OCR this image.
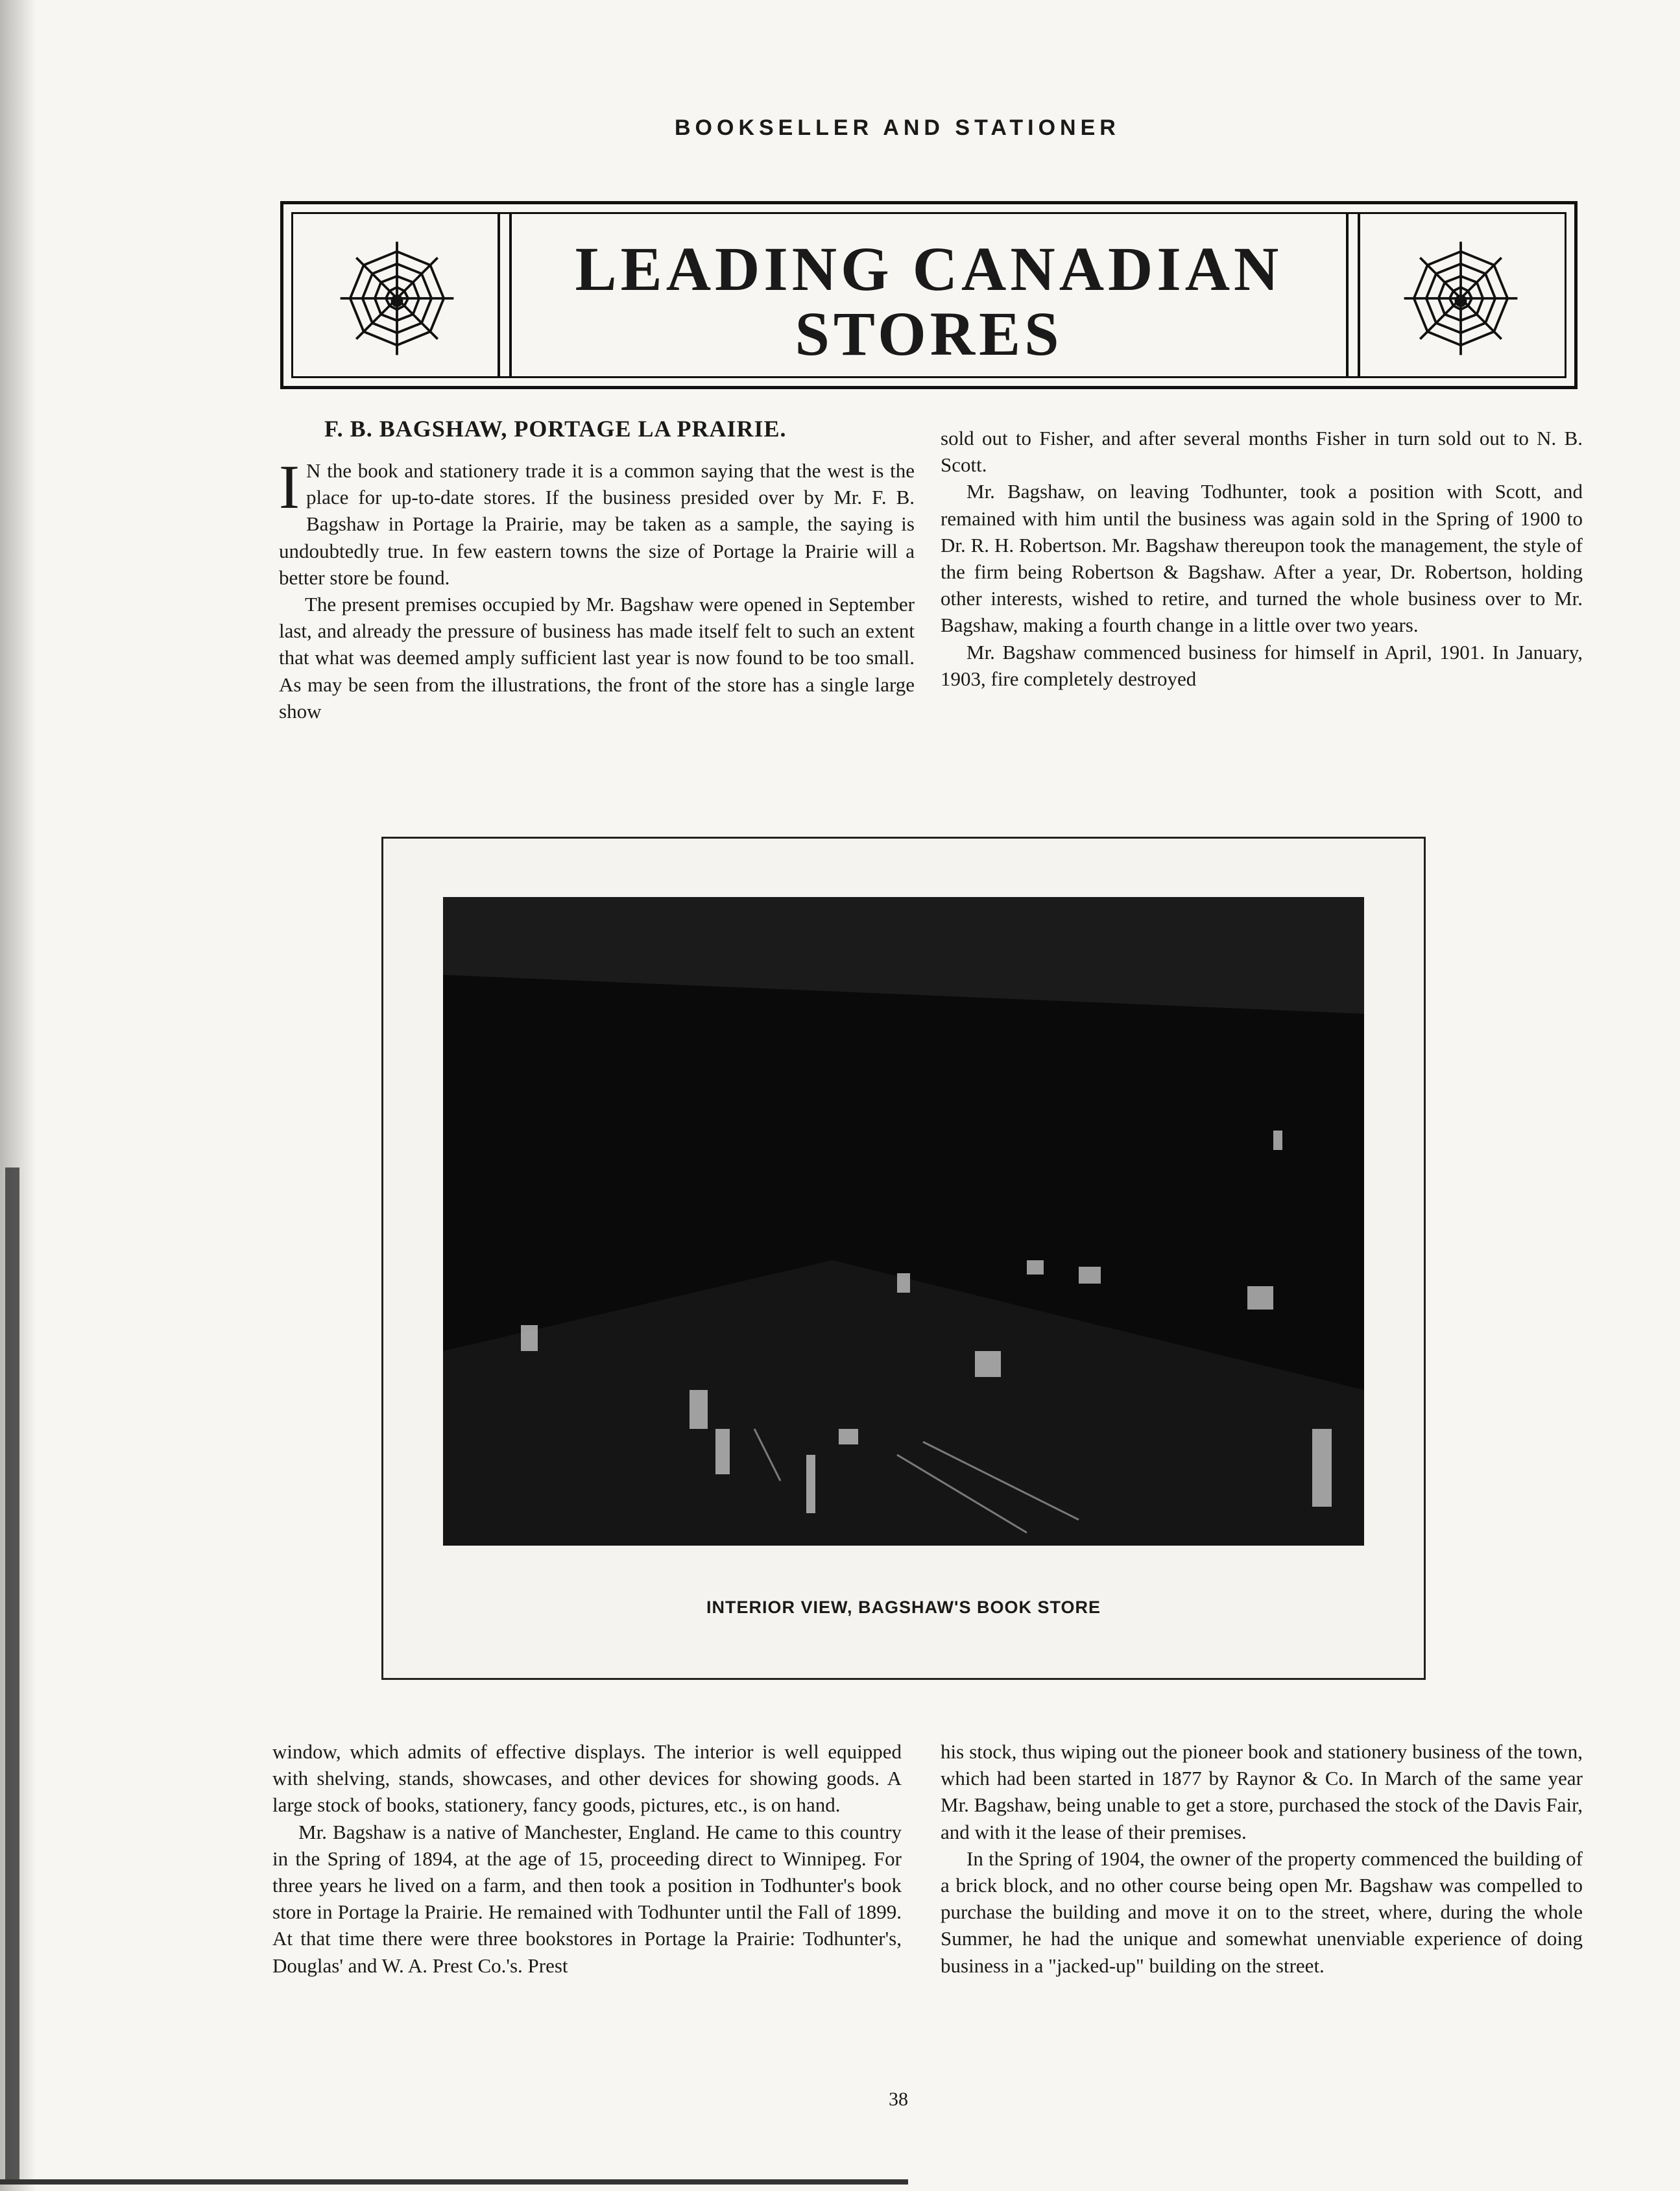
BOOKSELLER AND STATIONER
LEADING CANADIAN
STORES
F. B. BAGSHAW, PORTAGE LA PRAIRIE.

I N the book and stationery trade it is a common saying that the west is the place for up-to-date stores. If the business presided over by Mr. F. B. Bagshaw in Portage la Prairie, may be taken as a sample, the saying is undoubtedly true. In few eastern towns the size of Portage la Prairie will a better store be found.

The present premises occupied by Mr. Bagshaw were opened in September last, and already the pressure of business has made itself felt to such an extent that what was deemed amply sufficient last year is now found to be too small. As may be seen from the illustrations, the front of the store has a single large show

sold out to Fisher, and after several months Fisher in turn sold out to N. B. Scott.

Mr. Bagshaw, on leaving Todhunter, took a position with Scott, and remained with him until the business was again sold in the Spring of 1900 to Dr. R. H. Robertson. Mr. Bagshaw thereupon took the management, the style of the firm being Robertson & Bagshaw. After a year, Dr. Robertson, holding other interests, wished to retire, and turned the whole business over to Mr. Bagshaw, making a fourth change in a little over two years.

Mr. Bagshaw commenced business for himself in April, 1901. In January, 1903, fire completely destroyed

INTERIOR VIEW, BAGSHAW'S BOOK STORE

window, which admits of effective displays. The interior is well equipped with shelving, stands, showcases, and other devices for showing goods. A large stock of books, stationery, fancy goods, pictures, etc., is on hand.

Mr. Bagshaw is a native of Manchester, England. He came to this country in the Spring of 1894, at the age of 15, proceeding direct to Winnipeg. For three years he lived on a farm, and then took a position in Todhunter's book store in Portage la Prairie. He remained with Todhunter until the Fall of 1899. At that time there were three bookstores in Portage la Prairie: Todhunter's, Douglas' and W. A. Prest Co.'s. Prest

his stock, thus wiping out the pioneer book and stationery business of the town, which had been started in 1877 by Raynor & Co. In March of the same year Mr. Bagshaw, being unable to get a store, purchased the stock of the Davis Fair, and with it the lease of their premises.

In the Spring of 1904, the owner of the property commenced the building of a brick block, and no other course being open Mr. Bagshaw was compelled to purchase the building and move it on to the street, where, during the whole Summer, he had the unique and somewhat unenviable experience of doing business in a "jacked-up" building on the street.

38
